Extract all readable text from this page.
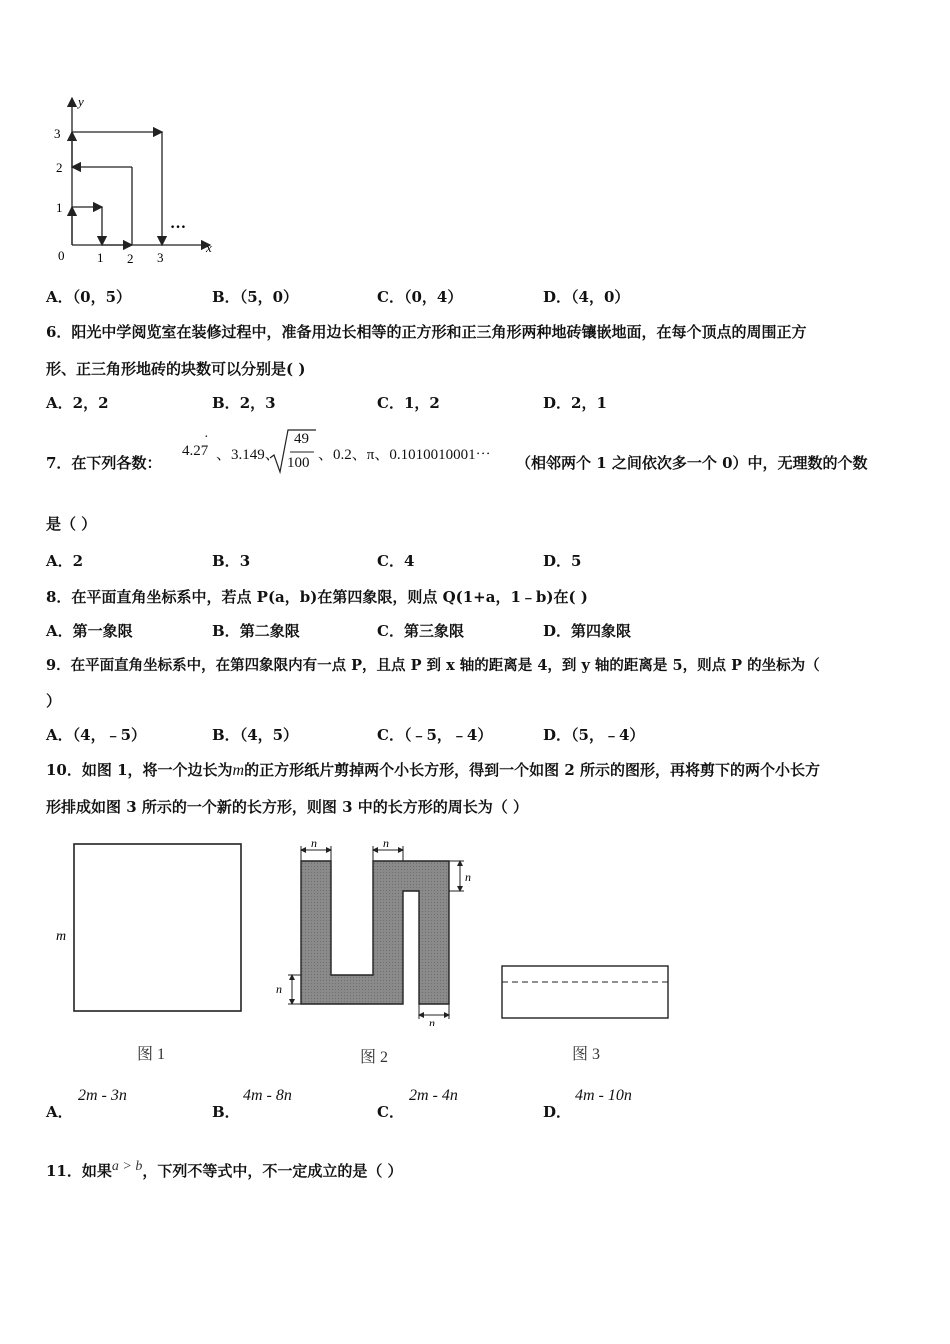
y
x
0
1
2
3
1 2 3
…
A．（0，5）	B．（5，0）	C．（0，4）	D．（4，0）
6．阳光中学阅览室在装修过程中，准备用边长相等的正方形和正三角形两种地砖镶嵌地面，在每个顶点的周围正方
形、正三角形地砖的块数可以分别是( )
A．2，2	B．2，3	C．1，2	D．2，1
7．在下列各数：
4.27
·
、3.149、
49
100 、0.2、π、0.1010010001⋯ （相邻两个 1 之间依次多一个 0）中，无理数的个数
是（ ）
A．2	B．3	C．4	D．5
8．在平面直角坐标系中，若点 P(a，b)在第四象限，则点 Q(1+a，1﹣b)在( )
A．第一象限	B．第二象限	C．第三象限	D．第四象限
9．在平面直角坐标系中，在第四象限内有一点 P，且点 P 到 x 轴的距离是 4，到 y 轴的距离是 5，则点 P 的坐标为（
）
A．（4，﹣5）	B．（4，5）	C．（﹣5，﹣4）	D．（5，﹣4）
10．如图 1，将一个边长为m的正方形纸片剪掉两个小长方形，得到一个如图 2 所示的图形，再将剪下的两个小长方
形排成如图 3 所示的一个新的长方形，则图 3 中的长方形的周长为（ ）
m
n	n
n
n
n
图 1	图 2	图 3
A．
2m - 3n
B．
4m - 8n
C．
2m - 4n
D．
4m - 10n
11．如果a > b，下列不等式中，不一定成立的是（ ）
